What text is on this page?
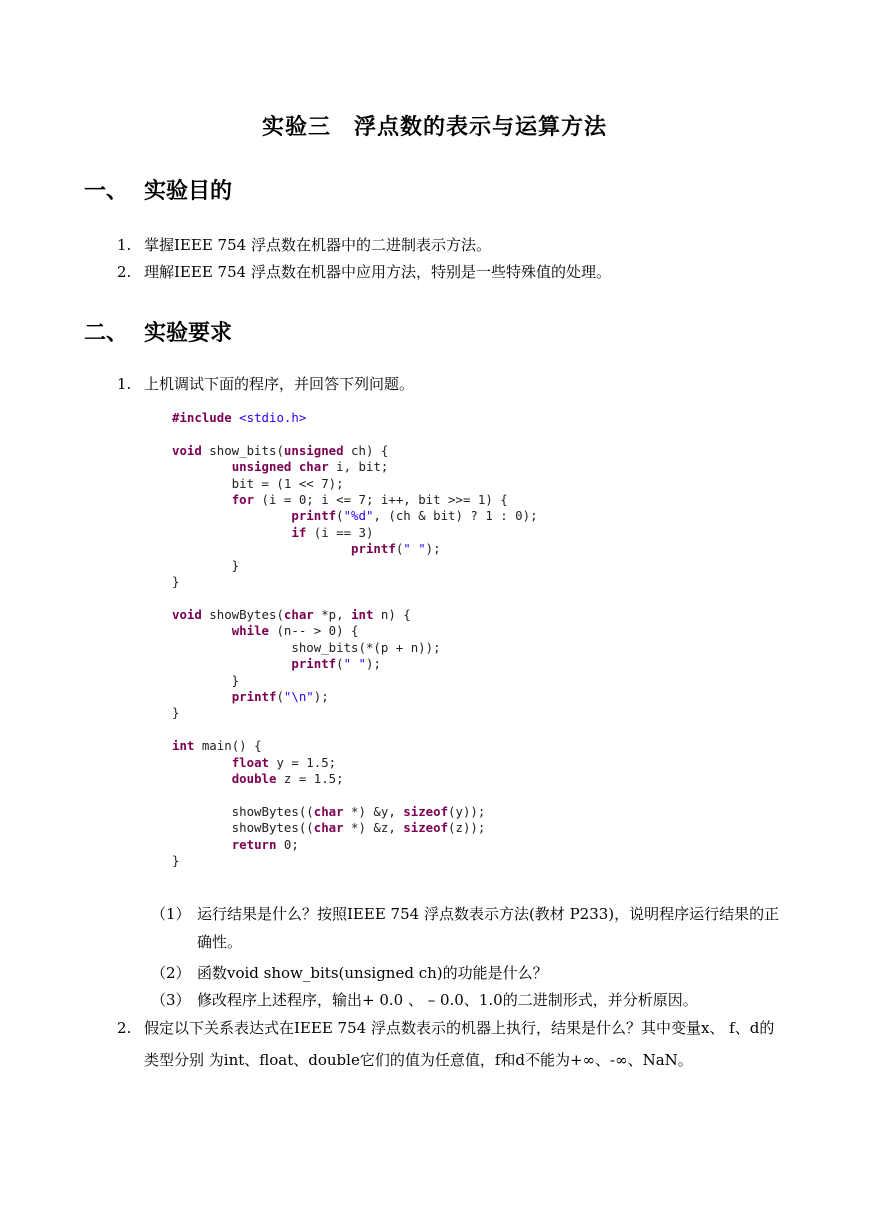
实验三　浮点数的表示与运算方法
一、 实验目的
1. 掌握IEEE 754 浮点数在机器中的二进制表示方法。
2. 理解IEEE 754 浮点数在机器中应用方法，特别是一些特殊值的处理。
二、 实验要求
1. 上机调试下面的程序，并回答下列问题。
#include <stdio.h>

void show_bits(unsigned ch) {
unsigned char i, bit;
bit = (1 << 7);
for (i = 0; i <= 7; i++, bit >>= 1) {
printf("%d", (ch & bit) ? 1 : 0);
if (i == 3)
printf(" ");
}
}

void showBytes(char *p, int n) {
while (n-- > 0) {
show_bits(*(p + n));
printf(" ");
}
printf("\n");
}

int main() {
float y = 1.5;
double z = 1.5;

showBytes((char *) &y, sizeof(y));
showBytes((char *) &z, sizeof(z));
return 0;
}
（1） 运行结果是什么？按照IEEE 754 浮点数表示方法(教材 P233)，说明程序运行结果的正确性。
（2） 函数void show_bits(unsigned ch)的功能是什么？
（3） 修改程序上述程序，输出+ 0.0 、 – 0.0、1.0的二进制形式，并分析原因。
2. 假定以下关系表达式在IEEE 754 浮点数表示的机器上执行，结果是什么？其中变量x、 f、d的类型分别 为int、float、double它们的值为任意值，f和d不能为+∞、-∞、NaN。
